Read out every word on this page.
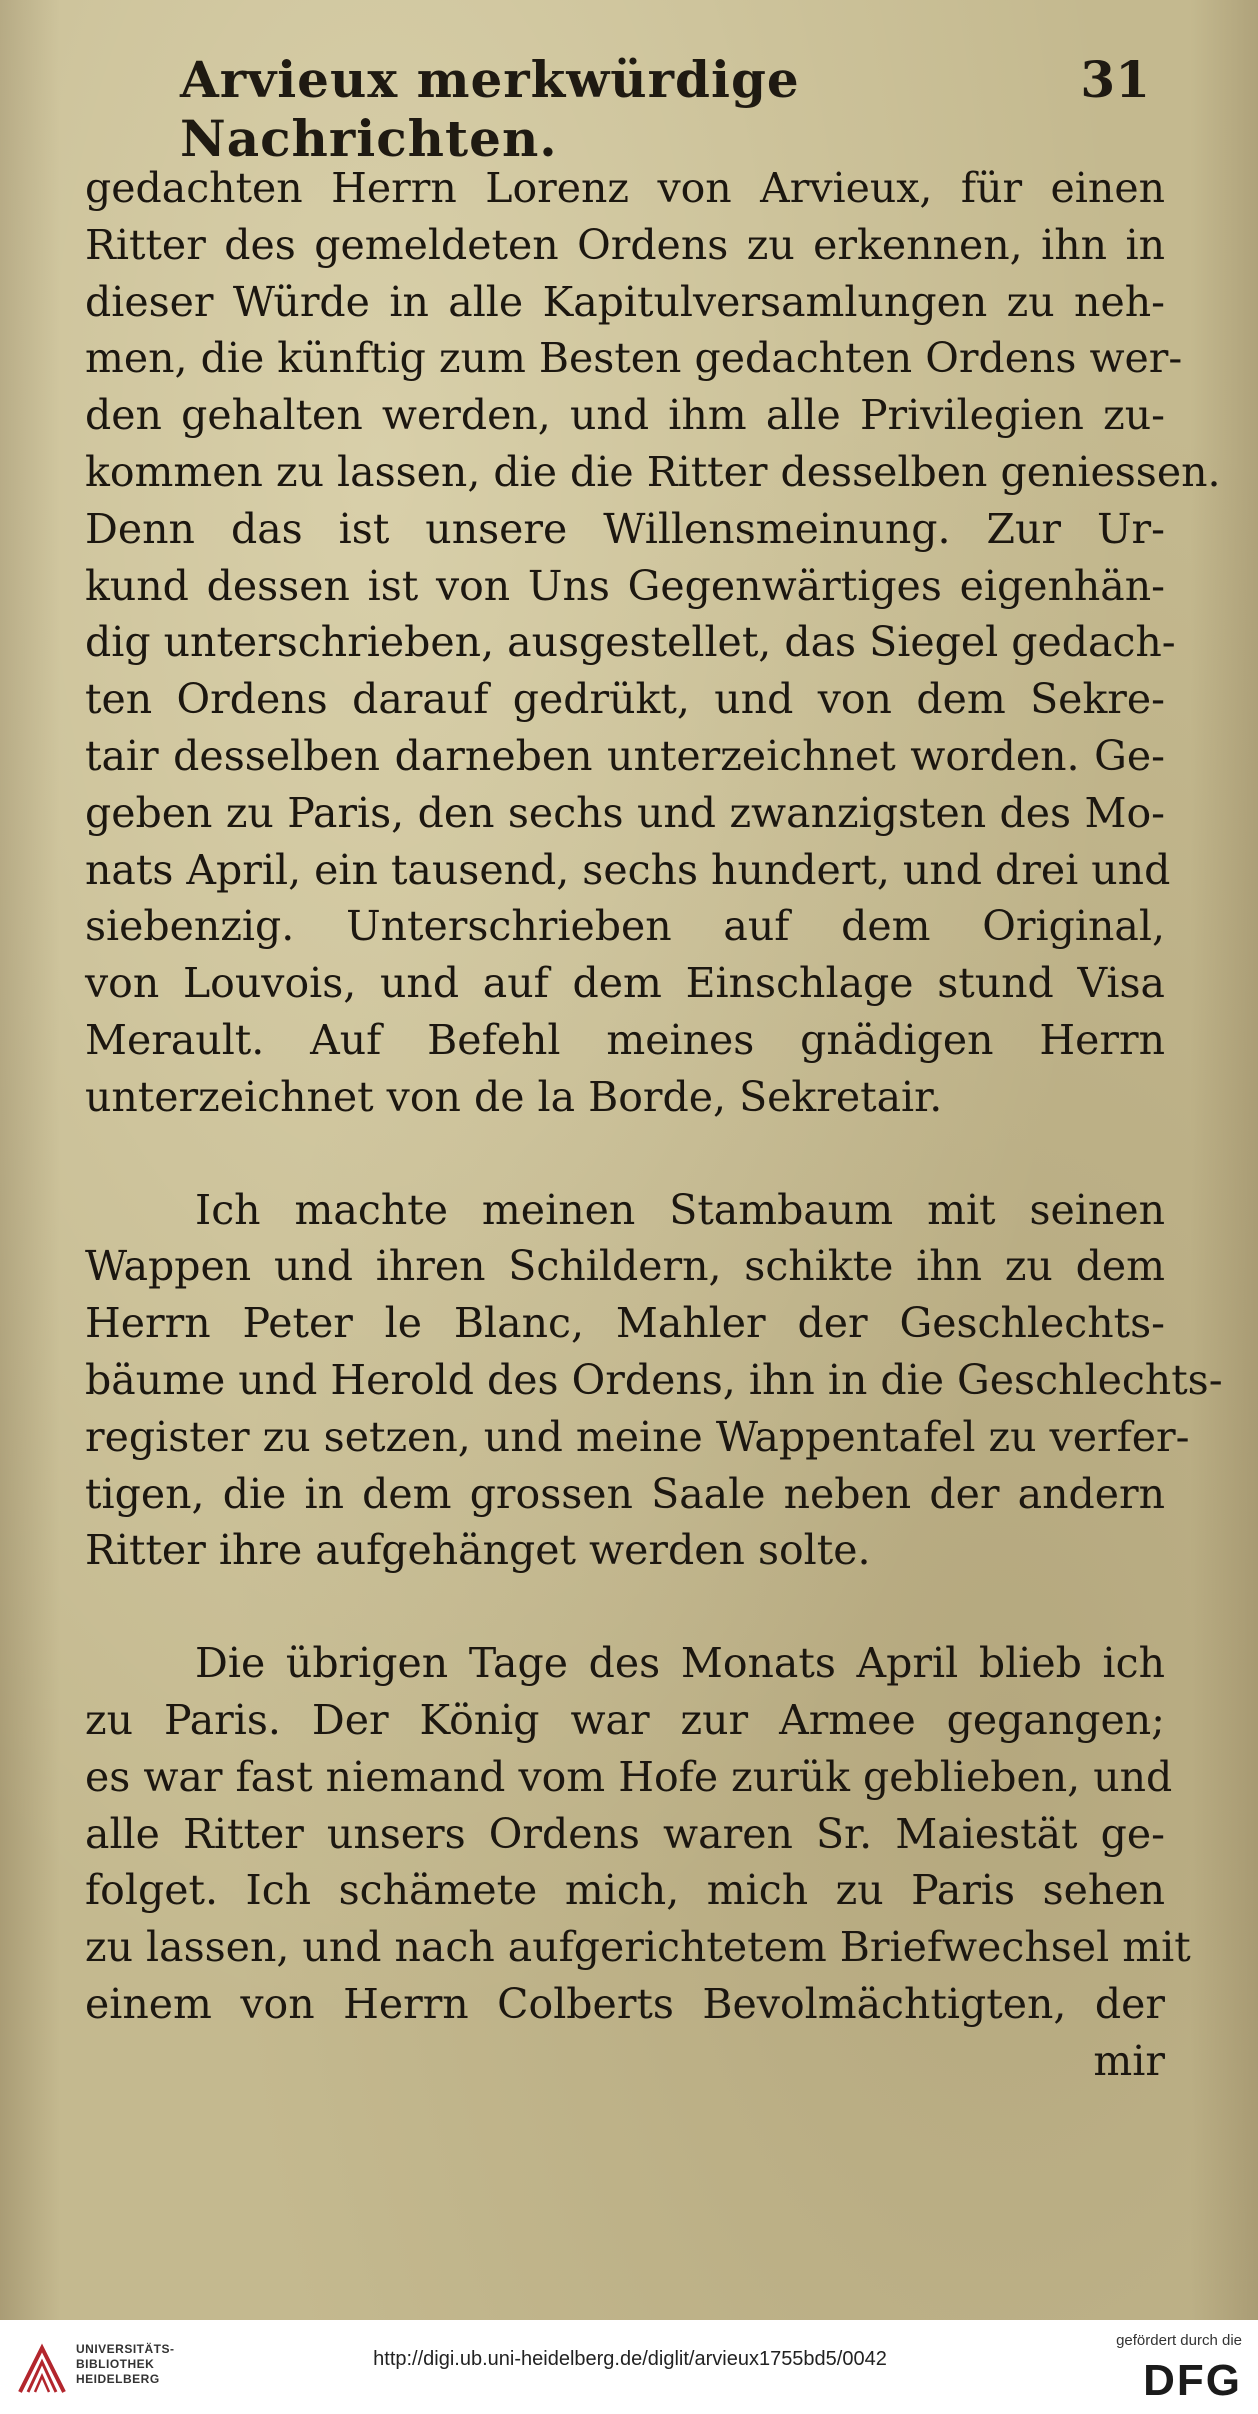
Arvieux merkwürdige Nachrichten.
31
gedachten Herrn Lorenz von Arvieux, für einen
Ritter des gemeldeten Ordens zu erkennen, ihn in
dieser Würde in alle Kapitulversamlungen zu neh-
men, die künftig zum Besten gedachten Ordens wer-
den gehalten werden, und ihm alle Privilegien zu-
kommen zu lassen, die die Ritter desselben geniessen.
Denn das ist unsere Willensmeinung. Zur Ur-
kund dessen ist von Uns Gegenwärtiges eigenhän-
dig unterschrieben, ausgestellet, das Siegel gedach-
ten Ordens darauf gedrükt, und von dem Sekre-
tair desselben darneben unterzeichnet worden. Ge-
geben zu Paris, den sechs und zwanzigsten des Mo-
nats April, ein tausend, sechs hundert, und drei und
siebenzig. Unterschrieben auf dem Original,
von Louvois, und auf dem Einschlage stund Visa
Merault. Auf Befehl meines gnädigen Herrn
unterzeichnet von de la Borde, Sekretair.
Ich machte meinen Stambaum mit seinen
Wappen und ihren Schildern, schikte ihn zu dem
Herrn Peter le Blanc, Mahler der Geschlechts-
bäume und Herold des Ordens, ihn in die Geschlechts-
register zu setzen, und meine Wappentafel zu verfer-
tigen, die in dem grossen Saale neben der andern
Ritter ihre aufgehänget werden solte.
Die übrigen Tage des Monats April blieb ich
zu Paris. Der König war zur Armee gegangen;
es war fast niemand vom Hofe zurük geblieben, und
alle Ritter unsers Ordens waren Sr. Maiestät ge-
folget. Ich schämete mich, mich zu Paris sehen
zu lassen, und nach aufgerichtetem Briefwechsel mit
einem von Herrn Colberts Bevolmächtigten, der
mir
UNIVERSITÄTS-
BIBLIOTHEK
HEIDELBERG
http://digi.ub.uni-heidelberg.de/diglit/arvieux1755bd5/0042
gefördert durch die
DFG
